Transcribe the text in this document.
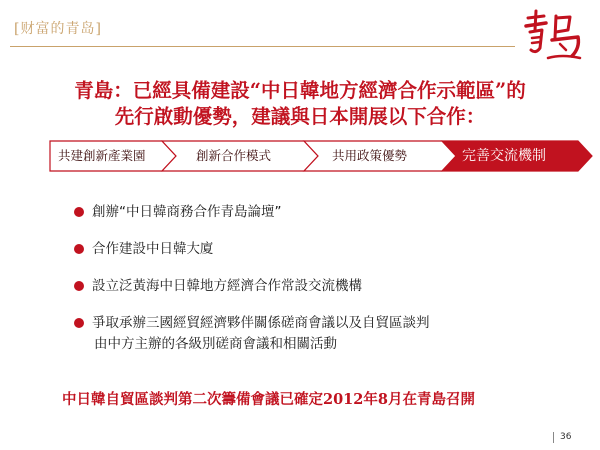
[财富的青岛]
青島：已經具備建設“中日韓地方經濟合作示範區”的
先行啟動優勢，建議與日本開展以下合作：
共建創新產業園	創新合作模式	共用政策優勢	完善交流機制
創辦“中日韓商務合作青島論壇”
合作建設中日韓大廈
設立泛黃海中日韓地方經濟合作常設交流機構
爭取承辦三國經貿經濟夥伴關係磋商會議以及自貿區談判
由中方主辦的各級別磋商會議和相關活動
中日韓自貿區談判第二次籌備會議已確定2012年8月在青島召開
36
